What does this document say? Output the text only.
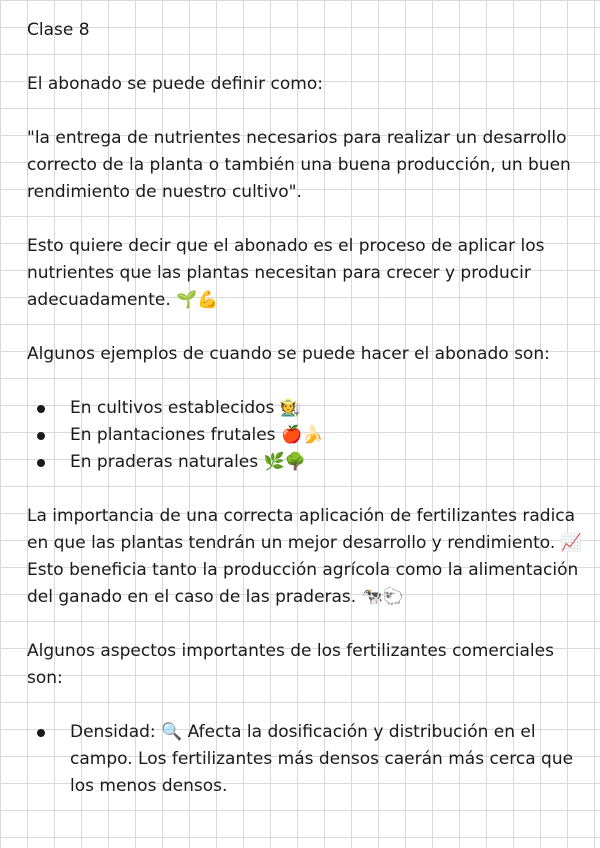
Clase 8
El abonado se puede definir como:
"la entrega de nutrientes necesarios para realizar un desarrollo correcto de la planta o también una buena producción, un buen rendimiento de nuestro cultivo".
Esto quiere decir que el abonado es el proceso de aplicar los nutrientes que las plantas necesitan para crecer y producir adecuadamente. 🌱💪
Algunos ejemplos de cuando se puede hacer el abonado son:
En cultivos establecidos 🧑‍🌾
En plantaciones frutales 🍎🍌
En praderas naturales 🌿🌳
La importancia de una correcta aplicación de fertilizantes radica en que las plantas tendrán un mejor desarrollo y rendimiento. 📈 Esto beneficia tanto la producción agrícola como la alimentación del ganado en el caso de las praderas. 🐄🐑
Algunos aspectos importantes de los fertilizantes comerciales son:
Densidad: 🔍 Afecta la dosificación y distribución en el campo. Los fertilizantes más densos caerán más cerca que los menos densos.
